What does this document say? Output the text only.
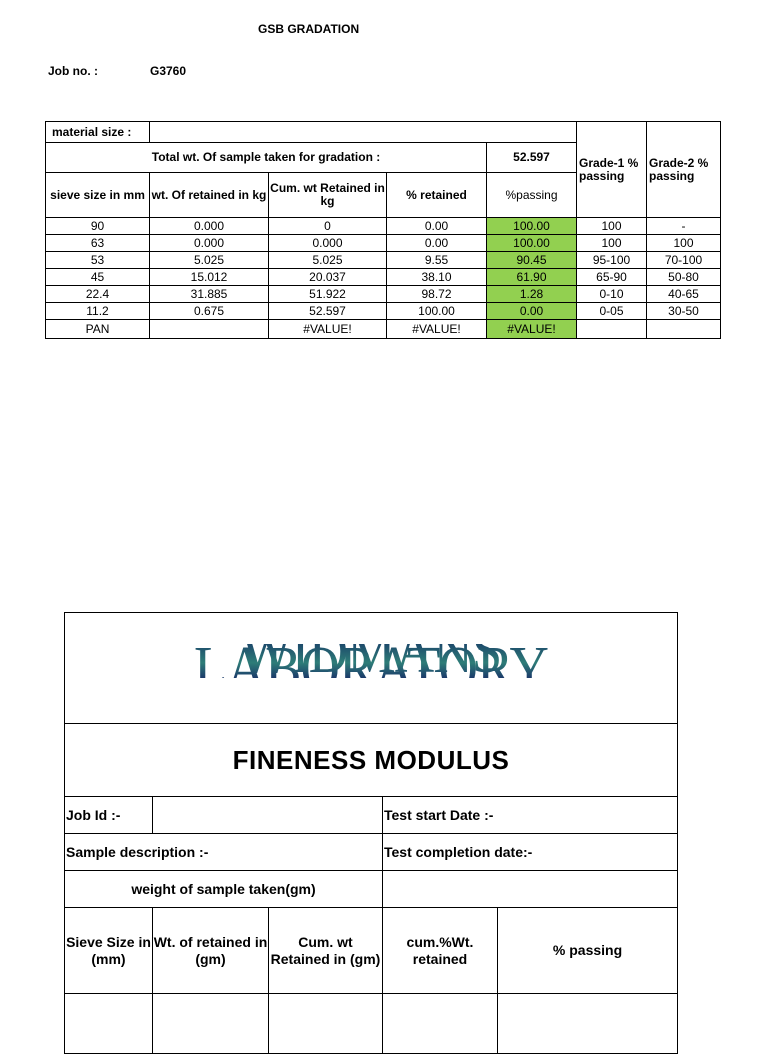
GSB GRADATION
Job no. :	G3760
material size :					Grade-1 % passing	Grade-2 % passing
Total wt. Of sample taken for gradation :				52.597		
sieve size in mm	wt. Of retained in kg	Cum. wt Retained in kg	% retained	%passing		
90	0.000	0	0.00	100.00	100	-
63	0.000	0.000	0.00	100.00	100	100
53	5.025	5.025	9.55	90.45	95-100	70-100
45	15.012	20.037	38.10	61.90	65-90	50-80
22.4	31.885	51.922	98.72	1.28	0-10	40-65
11.2	0.675	52.597	100.00	0.00	0-05	30-50
PAN		#VALUE!	#VALUE!	#VALUE!		
WIDMANS LABORATORY				
FINENESS MODULUS				
Job Id :-			Test start Date :-	
Sample description :-			Test completion date:-	
weight of sample taken(gm)				
Sieve Size in (mm)	Wt. of retained in (gm)	Cum. wt Retained in (gm)	cum.%Wt. retained	% passing
